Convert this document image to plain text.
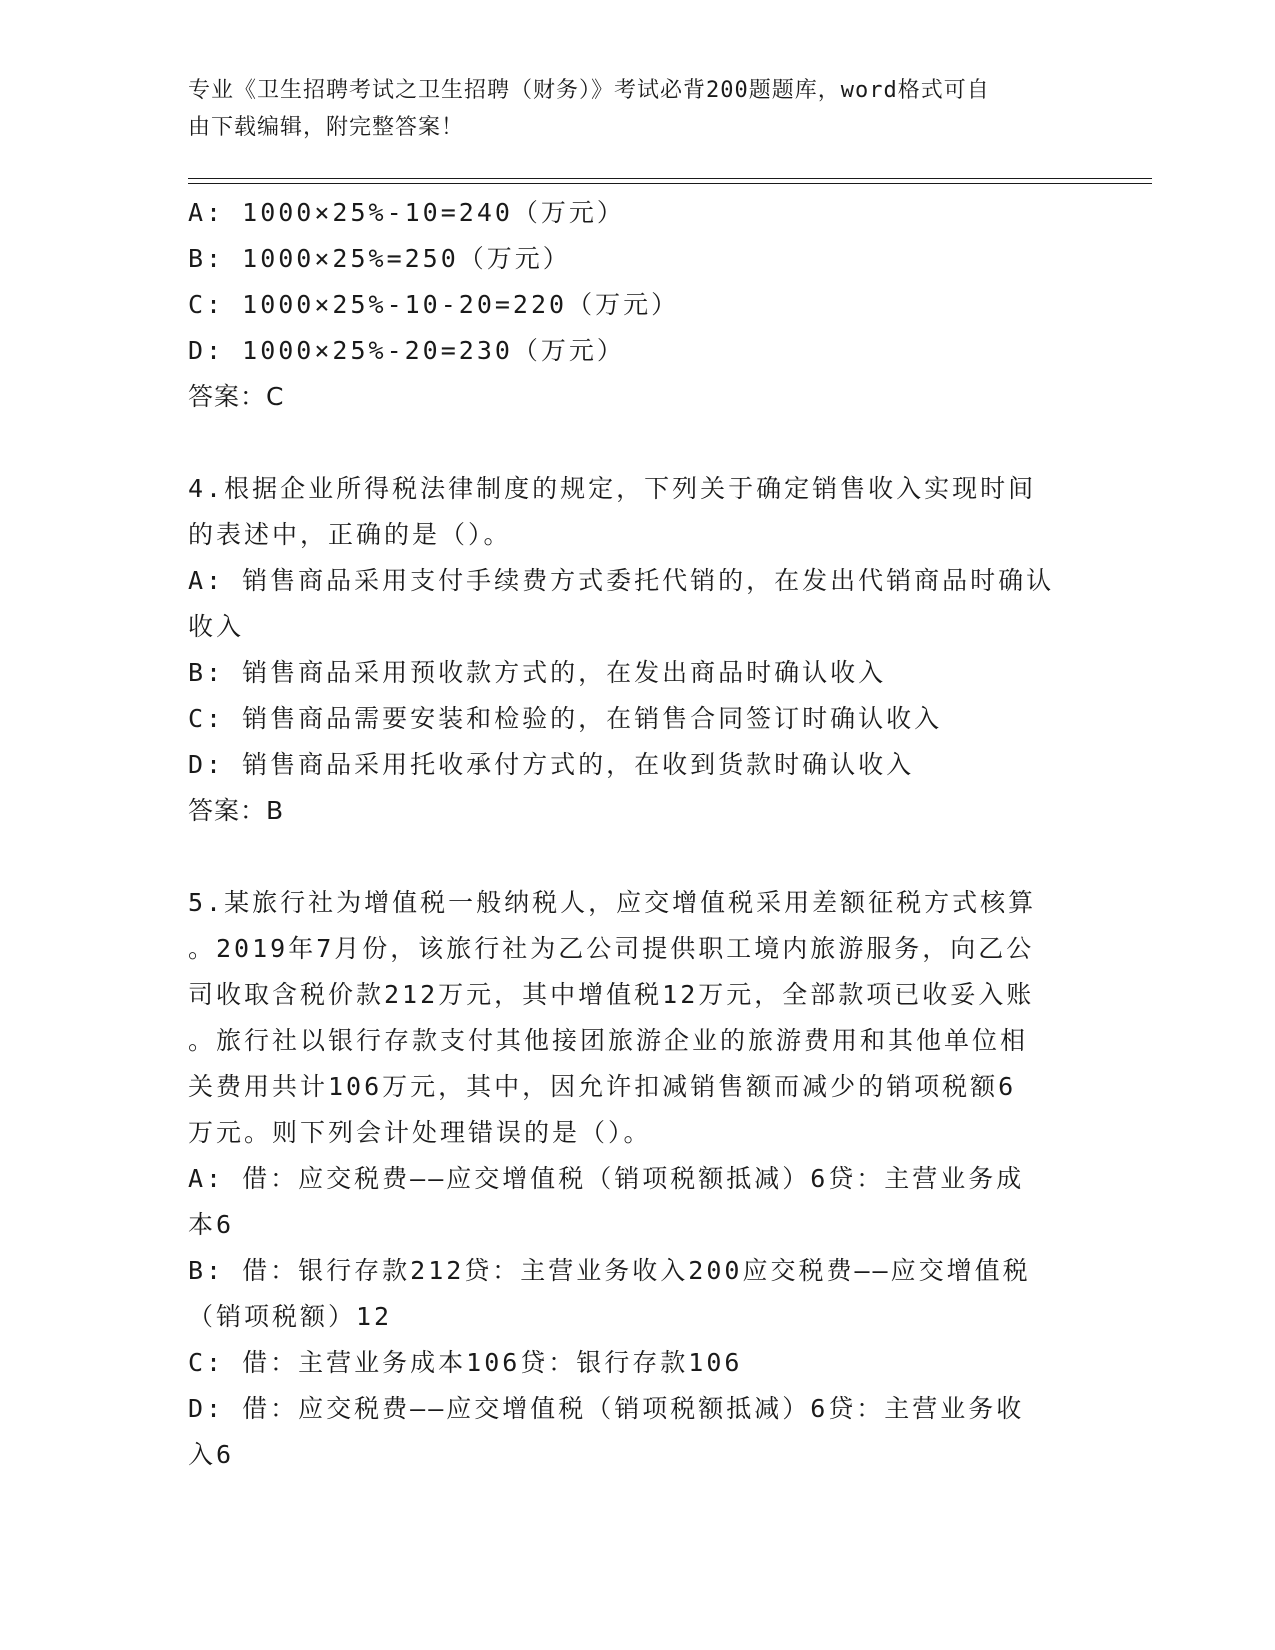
专业《卫生招聘考试之卫生招聘（财务）》考试必背200题题库，word格式可自
由下载编辑，附完整答案！
A: 1000×25%-10=240（万元）
B: 1000×25%=250（万元）
C: 1000×25%-10-20=220（万元）
D: 1000×25%-20=230（万元）
答案：C
4.根据企业所得税法律制度的规定，下列关于确定销售收入实现时间
的表述中，正确的是（）。
A: 销售商品采用支付手续费方式委托代销的，在发出代销商品时确认
收入
B: 销售商品采用预收款方式的，在发出商品时确认收入
C: 销售商品需要安装和检验的，在销售合同签订时确认收入
D: 销售商品采用托收承付方式的，在收到货款时确认收入
答案：B
5.某旅行社为增值税一般纳税人，应交增值税采用差额征税方式核算
。2019年7月份，该旅行社为乙公司提供职工境内旅游服务，向乙公
司收取含税价款212万元，其中增值税12万元，全部款项已收妥入账
。旅行社以银行存款支付其他接团旅游企业的旅游费用和其他单位相
关费用共计106万元，其中，因允许扣减销售额而减少的销项税额6
万元。则下列会计处理错误的是（）。
A: 借：应交税费——应交增值税（销项税额抵减）6贷：主营业务成
本6
B: 借：银行存款212贷：主营业务收入200应交税费——应交增值税
（销项税额）12
C: 借：主营业务成本106贷：银行存款106
D: 借：应交税费——应交增值税（销项税额抵减）6贷：主营业务收
入6
